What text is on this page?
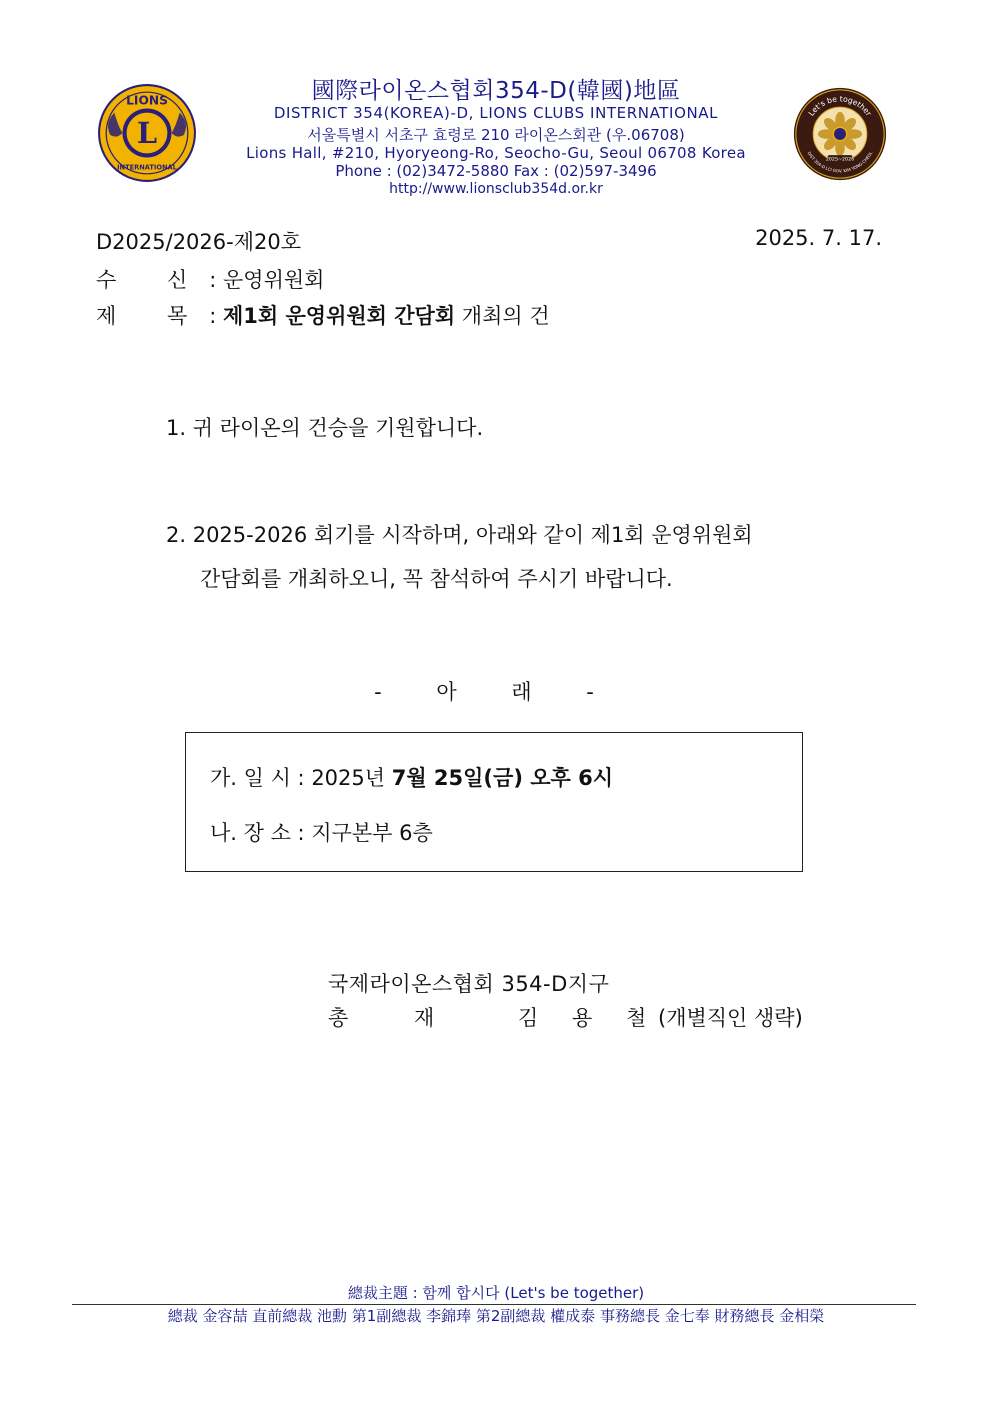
L
LIONS
INTERNATIONAL
國際라이온스협회354-D(韓國)地區
DISTRICT 354(KOREA)-D, LIONS CLUBS INTERNATIONAL
서울특별시 서초구 효령로 210 라이온스회관 (우.06708)
Lions Hall, #210, Hyoryeong-Ro, Seocho-Gu, Seoul 06708 Korea
Phone : (02)3472-5880 Fax : (02)597-3496
http://www.lionsclub354d.or.kr
Let's be together
DIST 354-D LCI GOV. KIM YONG-CHEOL
2025~2026
D2025/2026-제20호	2025. 7. 17.
수 신: 운영위원회
제 목: 제1회 운영위원회 간담회 개최의 건
1. 귀 라이온의 건승을 기원합니다.
2. 2025-2026 회기를 시작하며, 아래와 같이 제1회 운영위원회
간담회를 개최하오니, 꼭 참석하여 주시기 바랍니다.
- 아 래 -
가. 일 시 : 2025년 7월 25일(금) 오후 6시
나. 장 소 : 지구본부 6층
국제라이온스협회 354-D지구
총	재	김 용 철 (개별직인 생략)
總裁主題 : 함께 합시다 (Let's be together)
總裁 金容喆 直前總裁 池勳 第1副總裁 李錦琫 第2副總裁 權成泰 事務總長 金七奉 財務總長 金相榮
